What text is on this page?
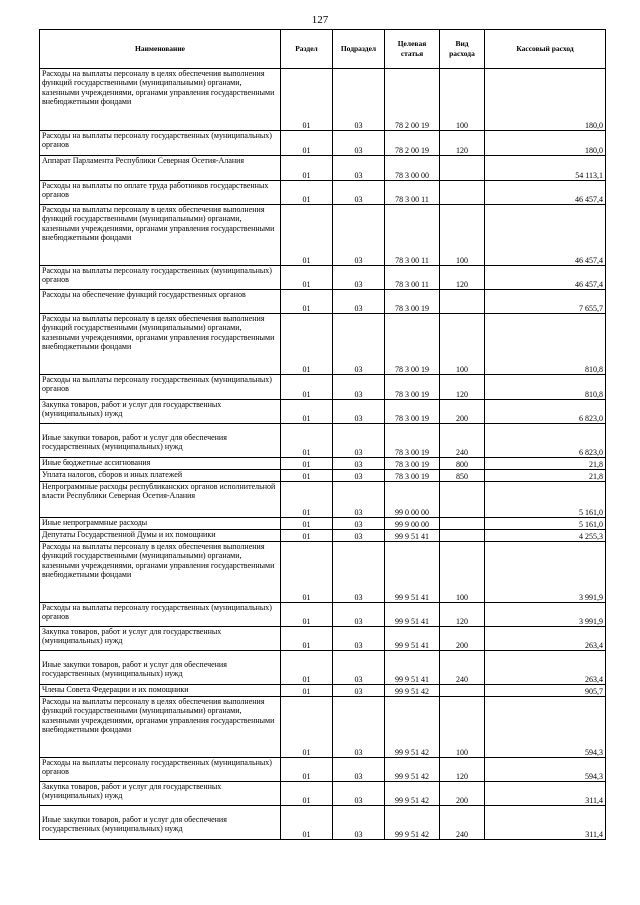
127
Наименование	Раздел	Подраздел	Целевая статья	Вид расхода	Кассовый расход
Расходы на выплаты персоналу в целях обеспечения выполнения функций государственными (муниципальными) органами, казенными учреждениями, органами управления государственными внебюджетными фондами	01	03	78 2 00 19	100	180,0
Расходы на выплаты персоналу государственных (муниципальных) органов	01	03	78 2 00 19	120	180,0
Аппарат Парламента Республики Северная Осетия-Алания	01	03	78 3 00 00		54 113,1
Расходы на выплаты по оплате труда работников государственных органов	01	03	78 3 00 11		46 457,4
Расходы на выплаты персоналу в целях обеспечения выполнения функций государственными (муниципальными) органами, казенными учреждениями, органами управления государственными внебюджетными фондами	01	03	78 3 00 11	100	46 457,4
Расходы на выплаты персоналу государственных (муниципальных) органов	01	03	78 3 00 11	120	46 457,4
Расходы на обеспечение функций государственных органов	01	03	78 3 00 19		7 655,7
Расходы на выплаты персоналу в целях обеспечения выполнения функций государственными (муниципальными) органами, казенными учреждениями, органами управления государственными внебюджетными фондами	01	03	78 3 00 19	100	810,8
Расходы на выплаты персоналу государственных (муниципальных) органов	01	03	78 3 00 19	120	810,8
Закупка товаров, работ и услуг для государственных (муниципальных) нужд	01	03	78 3 00 19	200	6 823,0
Иные закупки товаров, работ и услуг для обеспечения государственных (муниципальных) нужд	01	03	78 3 00 19	240	6 823,0
Иные бюджетные ассигнования	01	03	78 3 00 19	800	21,8
Уплата налогов, сборов и иных платежей	01	03	78 3 00 19	850	21,8
Непрограммные расходы республиканских органов исполнительной власти Республики Северная Осетия-Алания	01	03	99 0 00 00		5 161,0
Иные непрограммные расходы	01	03	99 9 00 00		5 161,0
Депутаты Государственной Думы и их помощники	01	03	99 9 51 41		4 255,3
Расходы на выплаты персоналу в целях обеспечения выполнения функций государственными (муниципальными) органами, казенными учреждениями, органами управления государственными внебюджетными фондами	01	03	99 9 51 41	100	3 991,9
Расходы на выплаты персоналу государственных (муниципальных) органов	01	03	99 9 51 41	120	3 991,9
Закупка товаров, работ и услуг для государственных (муниципальных) нужд	01	03	99 9 51 41	200	263,4
Иные закупки товаров, работ и услуг для обеспечения государственных (муниципальных) нужд	01	03	99 9 51 41	240	263,4
Члены Совета Федерации и их помощники	01	03	99 9 51 42		905,7
Расходы на выплаты персоналу в целях обеспечения выполнения функций государственными (муниципальными) органами, казенными учреждениями, органами управления государственными внебюджетными фондами	01	03	99 9 51 42	100	594,3
Расходы на выплаты персоналу государственных (муниципальных) органов	01	03	99 9 51 42	120	594,3
Закупка товаров, работ и услуг для государственных (муниципальных) нужд	01	03	99 9 51 42	200	311,4
Иные закупки товаров, работ и услуг для обеспечения государственных (муниципальных) нужд	01	03	99 9 51 42	240	311,4
